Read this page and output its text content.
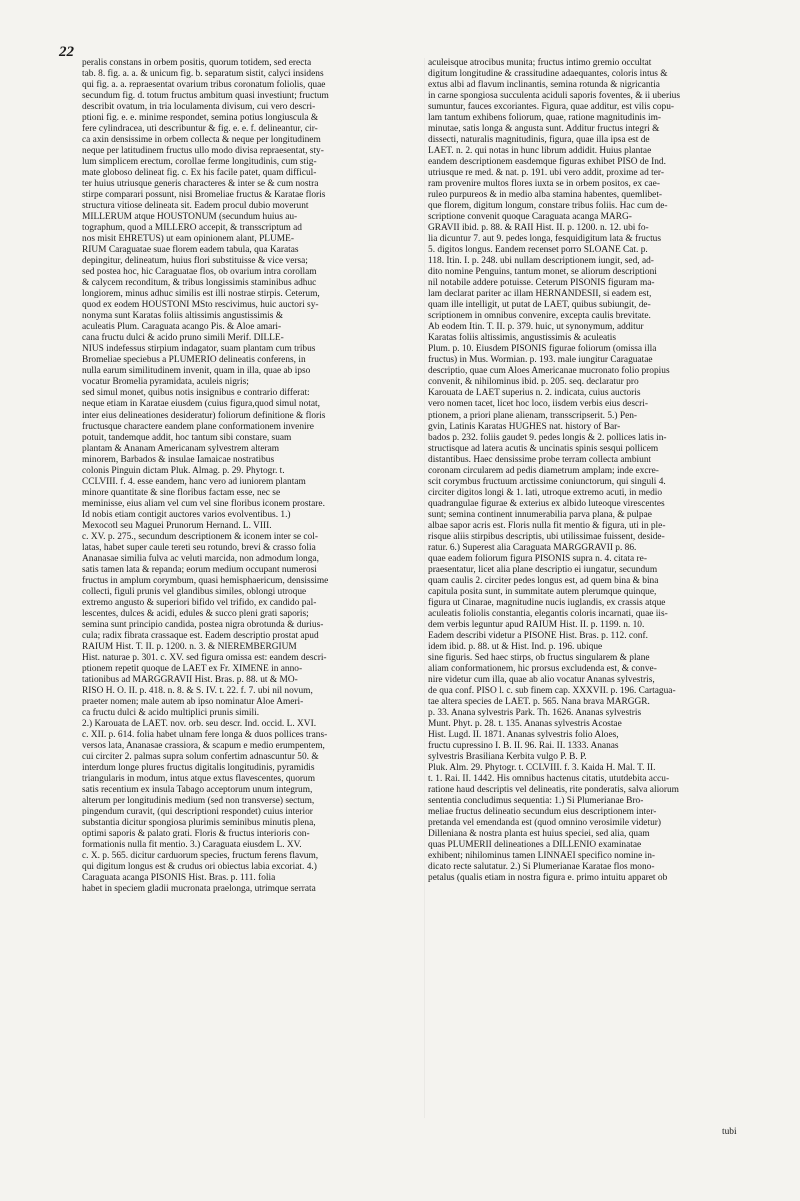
22
peralis constans in orbem positis, quorum totidem, sed erecta
tab. 8. fig. a. a. & unicum fig. b. separatum sistit, calyci insidens
qui fig. a. a. repraesentat ovarium tribus coronatum foliolis, quae
secundum fig. d. totum fructus ambitum quasi investiunt; fructum
describit ovatum, in tria loculamenta divisum, cui vero descri-
ptioni fig. e. e. minime respondet, semina potius longiuscula &
fere cylindracea, uti describuntur & fig. e. e. f. delineantur, cir-
ca axin densissime in orbem collecta & neque per longitudinem
neque per latitudinem fructus ullo modo divisa repraesentat, sty-
lum simplicem erectum, corollae ferme longitudinis, cum stig-
mate globoso delineat fig. c. Ex his facile patet, quam difficul-
ter huius utriusque generis characteres & inter se & cum nostra
stirpe comparari possunt, nisi Bromeliae fructus & Karatae floris
structura vitiose delineata sit. Eadem procul dubio moverunt
MILLERUM atque HOUSTONUM (secundum huius au-
tographum, quod a MILLERO accepit, & transscriptum ad
nos misit EHRETUS) ut eam opinionem alant, PLUME-
RIUM Caraguatae suae florem eadem tabula, qua Karatas
depingitur, delineatum, huius flori substituisse & vice versa;
sed postea hoc, hic Caraguatae flos, ob ovarium intra corollam
& calycem reconditum, & tribus longissimis staminibus adhuc
longiorem, minus adhuc similis est illi nostrae stirpis. Ceterum,
quod ex eodem HOUSTONI MSto rescivimus, huic auctori sy-
nonyma sunt Karatas foliis altissimis angustissimis &
aculeatis Plum. Caraguata acango Pis. & Aloe amari-
cana fructu dulci & acido pruno simili Merif. DILLE-
NIUS indefessus stirpium indagator, suam plantam cum tribus
Bromeliae speciebus a PLUMERIO delineatis conferens, in
nulla earum similitudinem invenit, quam in illa, quae ab ipso
vocatur Bromelia pyramidata, aculeis nigris;
sed simul monet, quibus notis insignibus e contrario differat:
neque etiam in Karatae eiusdem (cuius figura,quod simul notat,
inter eius delineationes desideratur) foliorum definitione & floris
fructusque charactere eandem plane conformationem invenire
potuit, tandemque addit, hoc tantum sibi constare, suam
plantam & Ananam Americanam sylvestrem alteram
minorem, Barbados & insulae Iamaicae nostratibus
colonis Pinguin dictam Pluk. Almag. p. 29. Phytogr. t.
CCLVIII. f. 4. esse eandem, hanc vero ad iuniorem plantam
minore quantitate & sine floribus factam esse, nec se
meminisse, eius aliam vel cum vel sine floribus iconem prostare.
Id nobis etiam contigit auctores varios evolventibus. 1.)
Mexocotl seu Maguei Prunorum Hernand. L. VIII.
c. XV. p. 275., secundum descriptionem & iconem inter se col-
latas, habet super caule tereti seu rotundo, brevi & crasso folia
Ananasae similia fulva ac veluti marcida, non admodum longa,
satis tamen lata & repanda; eorum medium occupant numerosi
fructus in amplum corymbum, quasi hemisphaericum, densissime
collecti, figuli prunis vel glandibus similes, oblongi utroque
extremo angusto & superiori bifido vel trifido, ex candido pal-
lescentes, dulces & acidi, edules & succo pleni grati saporis;
semina sunt principio candida, postea nigra obrotunda & durius-
cula; radix fibrata crassaque est. Eadem descriptio prostat apud
RAIUM Hist. T. II. p. 1200. n. 3. & NIEREMBERGIUM
Hist. naturae p. 301. c. XV. sed figura omissa est: eandem descri-
ptionem repetit quoque de LAET ex Fr. XIMENE in anno-
tationibus ad MARGGRAVII Hist. Bras. p. 88. ut & MO-
RISO H. O. II. p. 418. n. 8. & S. IV. t. 22. f. 7. ubi nil novum,
praeter nomen; male autem ab ipso nominatur Aloe Ameri-
ca fructu dulci & acido multiplici prunis simili.
2.) Karouata de LAET. nov. orb. seu descr. Ind. occid. L. XVI.
c. XII. p. 614. folia habet ulnam fere longa & duos pollices trans-
versos lata, Ananasae crassiora, & scapum e medio erumpentem,
cui circiter 2. palmas supra solum confertim adnascuntur 50. &
interdum longe plures fructus digitalis longitudinis, pyramidis
triangularis in modum, intus atque extus flavescentes, quorum
satis recentium ex insula Tabago acceptorum unum integrum,
alterum per longitudinis medium (sed non transverse) sectum,
pingendum curavit, (qui descriptioni respondet) cuius interior
substantia dicitur spongiosa plurimis seminibus minutis plena,
optimi saporis & palato grati. Floris & fructus interioris con-
formationis nulla fit mentio. 3.) Caraguata eiusdem L. XV.
c. X. p. 565. dicitur carduorum species, fructum ferens flavum,
qui digitum longus est & crudus ori obiectus labia excoriat. 4.)
Caraguata acanga PISONIS Hist. Bras. p. 111. folia
habet in speciem gladii mucronata praelonga, utrimque serrata
aculeisque atrocibus munita; fructus intimo gremio occultat
digitum longitudine & crassitudine adaequantes, coloris intus &
extus albi ad flavum inclinantis, semina rotunda & nigricantia
in carne spongiosa succulenta aciduli saporis foventes, & ii uberius
sumuntur, fauces excoriantes. Figura, quae additur, est vilis copu-
lam tantum exhibens foliorum, quae, ratione magnitudinis im-
minutae, satis longa & angusta sunt. Additur fructus integri &
dissecti, naturalis magnitudinis, figura, quae illa ipsa est de
LAET. n. 2. qui notas in hunc librum addidit. Huius plantae
eandem descriptionem easdemque figuras exhibet PISO de Ind.
utriusque re med. & nat. p. 191. ubi vero addit, proxime ad ter-
ram provenire multos flores iuxta se in orbem positos, ex cae-
ruleo purpureos & in medio alba stamina habentes, quemlibet-
que florem, digitum longum, constare tribus foliis. Hac cum de-
scriptione convenit quoque Caraguata acanga MARG-
GRAVII ibid. p. 88. & RAII Hist. II. p. 1200. n. 12. ubi fo-
lia dicuntur 7. aut 9. pedes longa, fesquidigitum lata & fructus
5. digitos longus. Eandem recenset porro SLOANE Cat. p.
118. Itin. I. p. 248. ubi nullam descriptionem iungit, sed, ad-
dito nomine Penguins, tantum monet, se aliorum descriptioni
nil notabile addere potuisse. Ceterum PISONIS figuram ma-
lam declarat pariter ac illam HERNANDESII, si eadem est,
quam ille intelligit, ut putat de LAET, quibus subiungit, de-
scriptionem in omnibus convenire, excepta caulis brevitate.
Ab eodem Itin. T. II. p. 379. huic, ut synonymum, additur
Karatas foliis altissimis, angustissimis & aculeatis
Plum. p. 10. Eiusdem PISONIS figurae foliorum (omissa illa
fructus) in Mus. Wormian. p. 193. male iungitur Caraguatae
descriptio, quae cum Aloes Americanae mucronato folio propius
convenit, & nihilominus ibid. p. 205. seq. declaratur pro
Karouata de LAET superius n. 2. indicata, cuius auctoris
vero nomen tacet, licet hoc loco, iisdem verbis eius descri-
ptionem, a priori plane alienam, transscripserit. 5.) Pen-
gvin, Latinis Karatas HUGHES nat. history of Bar-
bados p. 232. foliis gaudet 9. pedes longis & 2. pollices latis in-
structisque ad latera acutis & uncinatis spinis sesqui pollicem
distantibus. Haec densissime probe terram collecta ambiunt
coronam circularem ad pedis diametrum amplam; inde excre-
scit corymbus fructuum arctissime coniunctorum, qui singuli 4.
circiter digitos longi & 1. lati, utroque extremo acuti, in medio
quadrangulae figurae & exterius ex albido luteoque virescentes
sunt; semina continent innumerabilia parva plana, & pulpae
albae sapor acris est. Floris nulla fit mentio & figura, uti in ple-
risque aliis stirpibus descriptis, ubi utilissimae fuissent, deside-
ratur. 6.) Superest alia Caraguata MARGGRAVII p. 86.
quae eadem foliorum figura PISONIS supra n. 4. citata re-
praesentatur, licet alia plane descriptio ei iungatur, secundum
quam caulis 2. circiter pedes longus est, ad quem bina & bina
capitula posita sunt, in summitate autem plerumque quinque,
figura ut Cinarae, magnitudine nucis iuglandis, ex crassis atque
aculeatis foliolis constantia, elegantis coloris incarnati, quae iis-
dem verbis leguntur apud RAIUM Hist. II. p. 1199. n. 10.
Eadem describi videtur a PISONE Hist. Bras. p. 112. conf.
idem ibid. p. 88. ut & Hist. Ind. p. 196. ubique
sine figuris. Sed haec stirps, ob fructus singularem & plane
aliam conformationem, hic prorsus excludenda est, & conve-
nire videtur cum illa, quae ab alio vocatur Ananas sylvestris,
de qua conf. PISO l. c. sub finem cap. XXXVII. p. 196. Cartagua-
tae altera species de LAET. p. 565. Nana brava MARGGR.
p. 33. Anana sylvestris Park. Th. 1626. Ananas sylvestris
Munt. Phyt. p. 28. t. 135. Ananas sylvestris Acostae
Hist. Lugd. II. 1871. Ananas sylvestris folio Aloes,
fructu cupressino I. B. II. 96. Rai. II. 1333. Ananas
sylvestris Brasiliana Kerbita vulgo P. B. P.
Pluk. Alm. 29. Phytogr. t. CCLVIII. f. 3. Kaida H. Mal. T. II.
t. 1. Rai. II. 1442. His omnibus hactenus citatis, ututdebita accu-
ratione haud descriptis vel delineatis, rite ponderatis, salva aliorum
sententia concludimus sequentia: 1.) Si Plumerianae Bro-
meliae fructus delineatio secundum eius descriptionem inter-
pretanda vel emendanda est (quod omnino verosimile videtur)
Dilleniana & nostra planta est huius speciei, sed alia, quam
quas PLUMERII delineationes a DILLENIO examinatae
exhibent; nihilominus tamen LINNAEI specifico nomine in-
dicato recte salutatur. 2.) Si Plumerianae Karatae flos mono-
petalus (qualis etiam in nostra figura e. primo intuitu apparet ob
tubi
